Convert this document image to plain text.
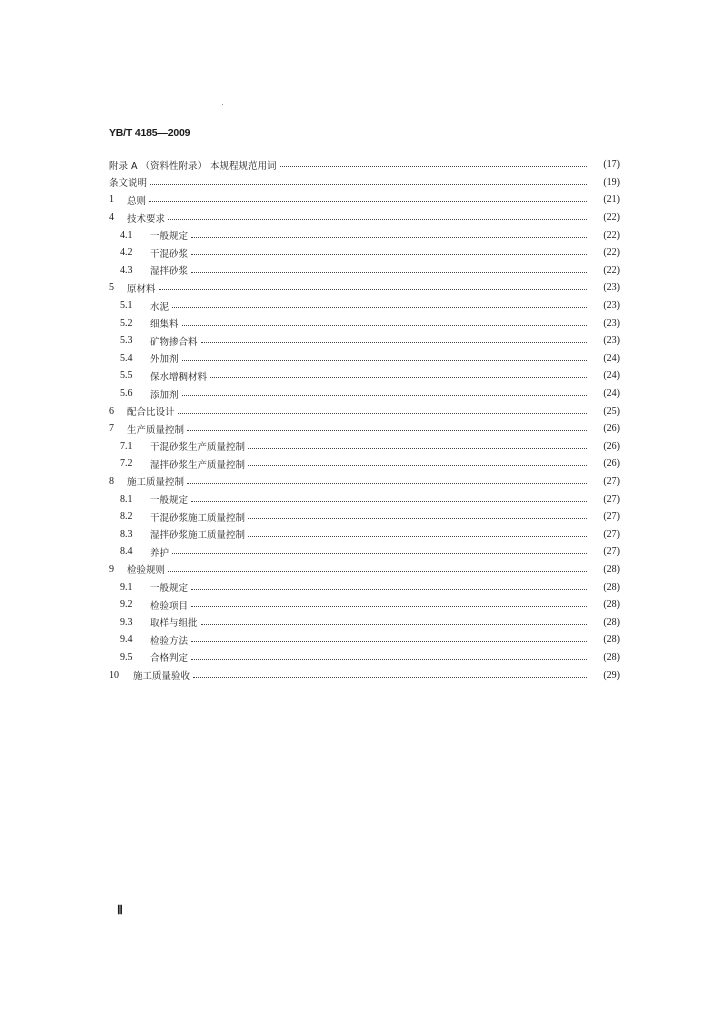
YB/T 4185—2009
附录 A （资料性附录） 本规程规范用词	(17)
条文说明	(19)
1	总则	(21)
4	技术要求	(22)
4.1	一般规定	(22)
4.2	干混砂浆	(22)
4.3	湿拌砂浆	(22)
5	原材料	(23)
5.1	水泥	(23)
5.2	细集料	(23)
5.3	矿物掺合料	(23)
5.4	外加剂	(24)
5.5	保水增稠材料	(24)
5.6	添加剂	(24)
6	配合比设计	(25)
7	生产质量控制	(26)
7.1	干混砂浆生产质量控制	(26)
7.2	湿拌砂浆生产质量控制	(26)
8	施工质量控制	(27)
8.1	一般规定	(27)
8.2	干混砂浆施工质量控制	(27)
8.3	湿拌砂浆施工质量控制	(27)
8.4	养护	(27)
9	检验规则	(28)
9.1	一般规定	(28)
9.2	检验项目	(28)
9.3	取样与组批	(28)
9.4	检验方法	(28)
9.5	合格判定	(28)
10	施工质量验收	(29)
Ⅱ
